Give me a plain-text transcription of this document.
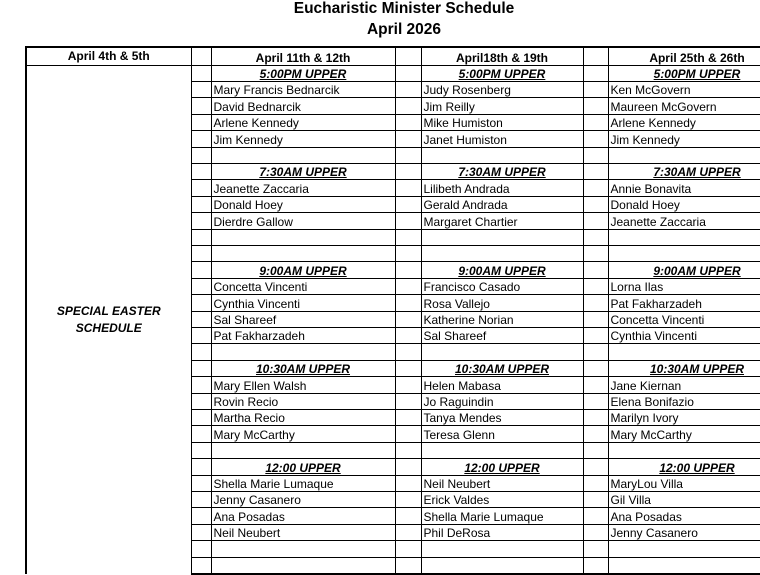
Eucharistic Minister Schedule
April 2026
April 4th & 5th		April 11th & 12th		April18th & 19th		April 25th & 26th
SPECIAL EASTER SCHEDULE		5:00PM UPPER		5:00PM UPPER		5:00PM UPPER
		Mary Francis Bednarcik		Judy Rosenberg		Ken McGovern
		David Bednarcik		Jim Reilly		Maureen McGovern
		Arlene Kennedy		Mike Humiston		Arlene Kennedy
		Jim Kennedy		Janet Humiston		Jim Kennedy

		7:30AM UPPER		7:30AM UPPER		7:30AM UPPER
		Jeanette Zaccaria		Lilibeth Andrada		Annie Bonavita
		Donald Hoey		Gerald Andrada		Donald Hoey
		Dierdre Gallow		Margaret Chartier		Jeanette Zaccaria

		9:00AM UPPER		9:00AM UPPER		9:00AM UPPER
		Concetta Vincenti		Francisco Casado		Lorna Ilas
		Cynthia Vincenti		Rosa Vallejo		Pat Fakharzadeh
		Sal Shareef		Katherine Norian		Concetta Vincenti
		Pat Fakharzadeh		Sal Shareef		Cynthia Vincenti

		10:30AM UPPER		10:30AM UPPER		10:30AM UPPER
		Mary Ellen Walsh		Helen Mabasa		Jane Kiernan
		Rovin Recio		Jo Raguindin		Elena Bonifazio
		Martha Recio		Tanya Mendes		Marilyn Ivory
		Mary McCarthy		Teresa Glenn		Mary McCarthy

		12:00 UPPER		12:00 UPPER		12:00 UPPER
		Shella Marie Lumaque		Neil Neubert		MaryLou Villa
		Jenny Casanero		Erick Valdes		Gil Villa
		Ana Posadas		Shella Marie Lumaque		Ana Posadas
		Neil Neubert		Phil DeRosa		Jenny Casanero
